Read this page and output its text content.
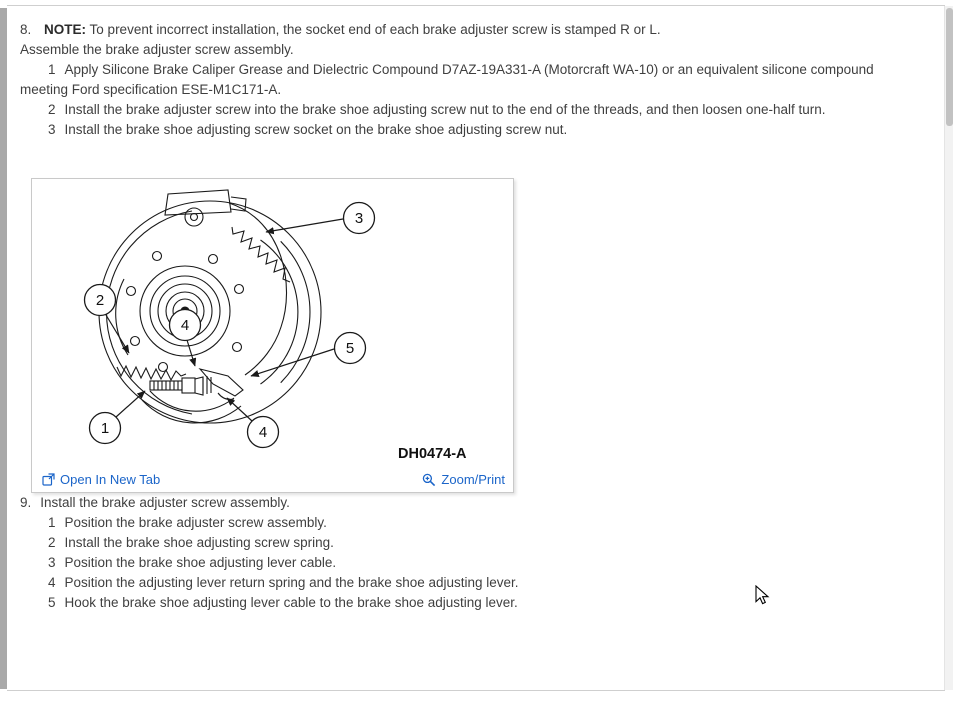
8. NOTE: To prevent incorrect installation, the socket end of each brake adjuster screw is stamped R or L.

Assemble the brake adjuster screw assembly.

1 Apply Silicone Brake Caliper Grease and Dielectric Compound D7AZ-19A331-A (Motorcraft WA-10) or an equivalent silicone compound meeting Ford specification ESE-M1C171-A.

2 Install the brake adjuster screw into the brake shoe adjusting screw nut to the end of the threads, and then loosen one-half turn.

3 Install the brake shoe adjusting screw socket on the brake shoe adjusting screw nut.

3
2
4
5
1	4
DH0474-A
Open In New Tab	Zoom/Print

9. Install the brake adjuster screw assembly.

1 Position the brake adjuster screw assembly.

2 Install the brake shoe adjusting screw spring.

3 Position the brake shoe adjusting lever cable.

4 Position the adjusting lever return spring and the brake shoe adjusting lever.

5 Hook the brake shoe adjusting lever cable to the brake shoe adjusting lever.
